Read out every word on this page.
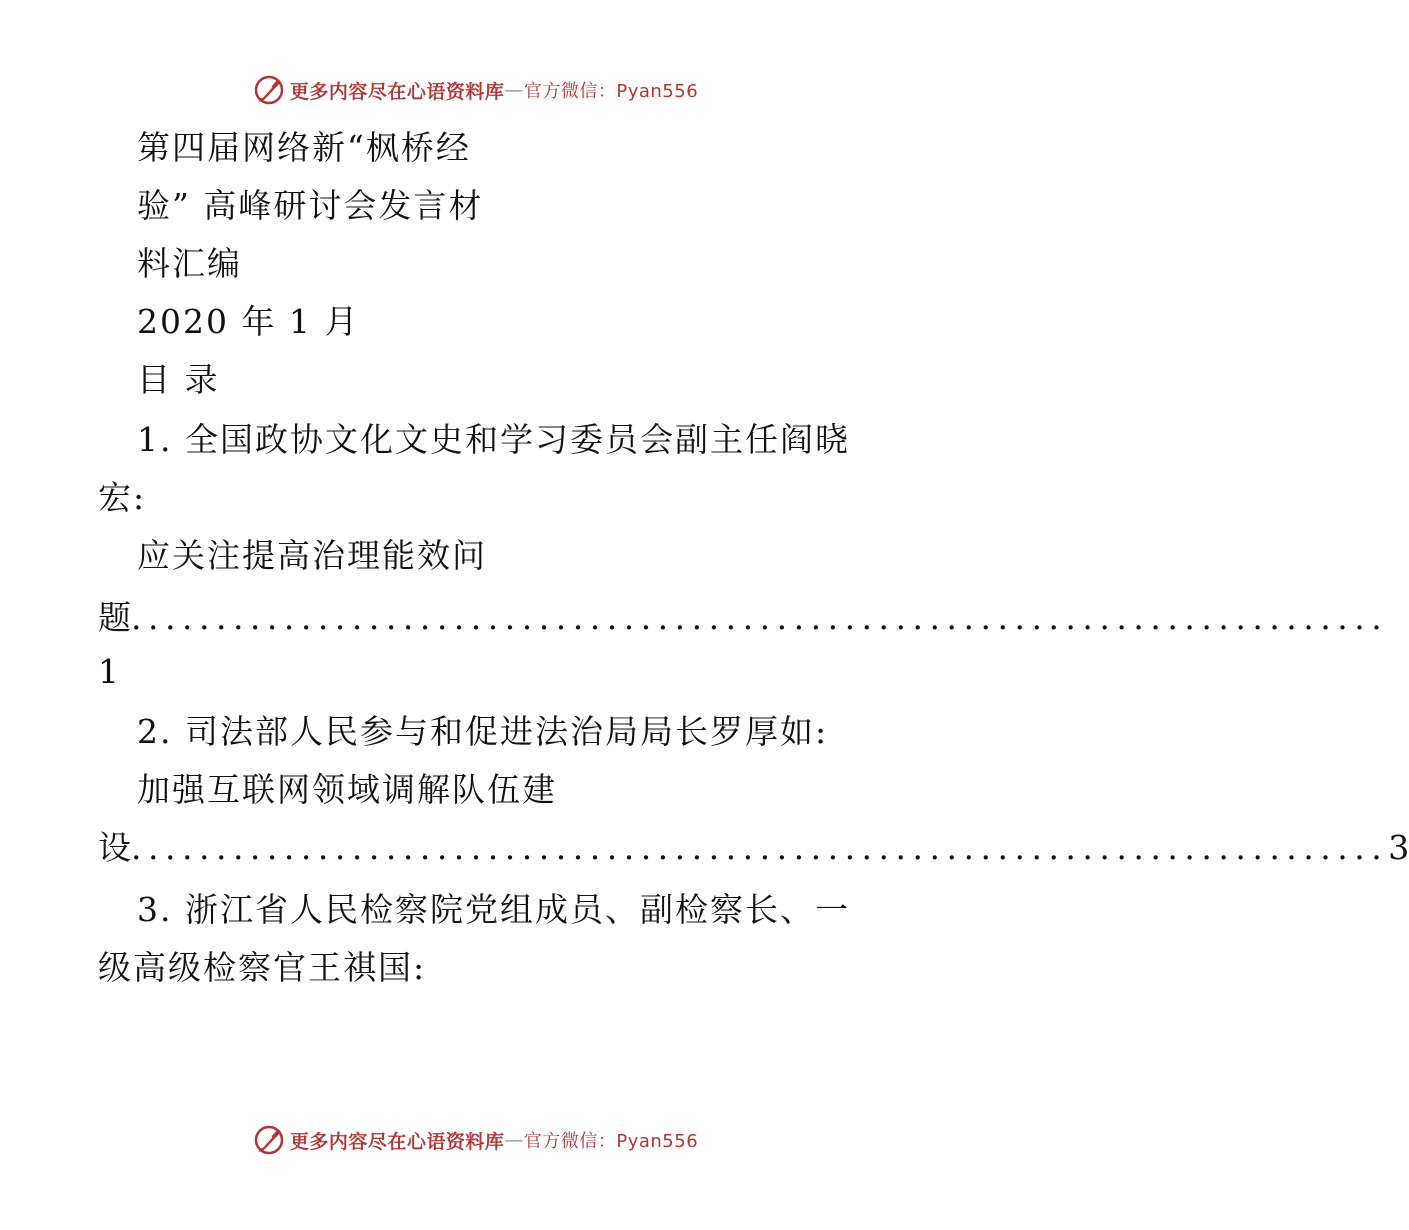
更多内容尽在心语资料库 — 官方微信：Pyan556

第四届网络新“枫桥经

验” 高峰研讨会发言材

料汇编

2020 年 1 月

目 录

1. 全国政协文化文史和学习委员会副主任阎晓

宏:

应关注提高治理能效问

题 ..........................................................................

1

2. 司法部人民参与和促进法治局局长罗厚如:

加强互联网领域调解队伍建

设 .......................................................................... 3

3. 浙江省人民检察院党组成员、副检察长、一

级高级检察官王祺国:

更多内容尽在心语资料库 — 官方微信：Pyan556
